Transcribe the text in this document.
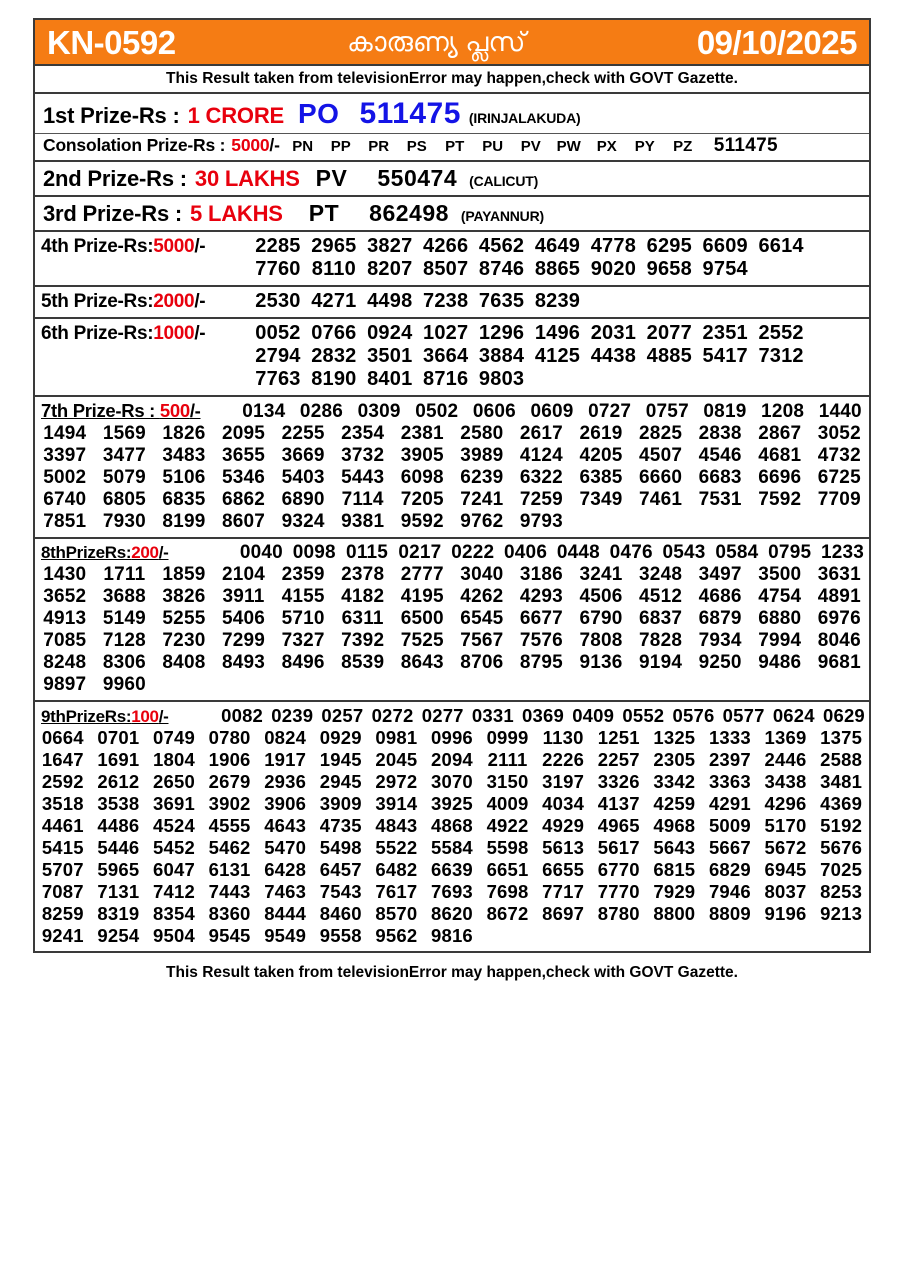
KN-0592	കാരുണ്യ പ്ലസ്	09/10/2025
This Result taken from televisionError may happen,check with GOVT Gazette.
1st Prize-Rs : 1 CRORE PO 511475 (IRINJALAKUDA)
Consolation Prize-Rs : 5000 /- PN	PP	PR	PS	PT	PU	PV	PW	PX	PY	PZ	511475
2nd Prize-Rs : 30 LAKHS PV 550474 (CALICUT)
3rd Prize-Rs : 5 LAKHS PT 862498 (PAYANNUR)
4th Prize-Rs:5000/-	2285 2965 3827 4266 4562 4649 4778 6295 6609 6614
7760 8110 8207 8507 8746 8865 9020 9658 9754
5th Prize-Rs:2000/-	2530 4271 4498 7238 7635 8239
6th Prize-Rs:1000/-	0052 0766 0924 1027 1296 1496 2031 2077 2351 2552
2794 2832 3501 3664 3884 4125 4438 4885 5417 7312
7763 8190 8401 8716 9803
7th Prize-Rs : 500/-	0134 0286 0309 0502 0606 0609 0727 0757 0819 1208 1440
1494 1569 1826 2095 2255 2354 2381 2580 2617 2619 2825 2838 2867 3052
3397 3477 3483 3655 3669 3732 3905 3989 4124 4205 4507 4546 4681 4732
5002 5079 5106 5346 5403 5443 6098 6239 6322 6385 6660 6683 6696 6725
6740 6805 6835 6862 6890 7114 7205 7241 7259 7349 7461 7531 7592 7709
7851 7930 8199 8607 9324 9381 9592 9762 9793
8thPrizeRs:200/-	0040 0098 0115 0217 0222 0406 0448 0476 0543 0584 0795 1233
1430 1711 1859 2104 2359 2378 2777 3040 3186 3241 3248 3497 3500 3631
3652 3688 3826 3911 4155 4182 4195 4262 4293 4506 4512 4686 4754 4891
4913 5149 5255 5406 5710 6311 6500 6545 6677 6790 6837 6879 6880 6976
7085 7128 7230 7299 7327 7392 7525 7567 7576 7808 7828 7934 7994 8046
8248 8306 8408 8493 8496 8539 8643 8706 8795 9136 9194 9250 9486 9681
9897 9960
9thPrizeRs:100/-	0082 0239 0257 0272 0277 0331 0369 0409 0552 0576 0577 0624 0629
0664 0701 0749 0780 0824 0929 0981 0996 0999 1130 1251 1325 1333 1369 1375
1647 1691 1804 1906 1917 1945 2045 2094 2111 2226 2257 2305 2397 2446 2588
2592 2612 2650 2679 2936 2945 2972 3070 3150 3197 3326 3342 3363 3438 3481
3518 3538 3691 3902 3906 3909 3914 3925 4009 4034 4137 4259 4291 4296 4369
4461 4486 4524 4555 4643 4735 4843 4868 4922 4929 4965 4968 5009 5170 5192
5415 5446 5452 5462 5470 5498 5522 5584 5598 5613 5617 5643 5667 5672 5676
5707 5965 6047 6131 6428 6457 6482 6639 6651 6655 6770 6815 6829 6945 7025
7087 7131 7412 7443 7463 7543 7617 7693 7698 7717 7770 7929 7946 8037 8253
8259 8319 8354 8360 8444 8460 8570 8620 8672 8697 8780 8800 8809 9196 9213
9241 9254 9504 9545 9549 9558 9562 9816
This Result taken from televisionError may happen,check with GOVT Gazette.
